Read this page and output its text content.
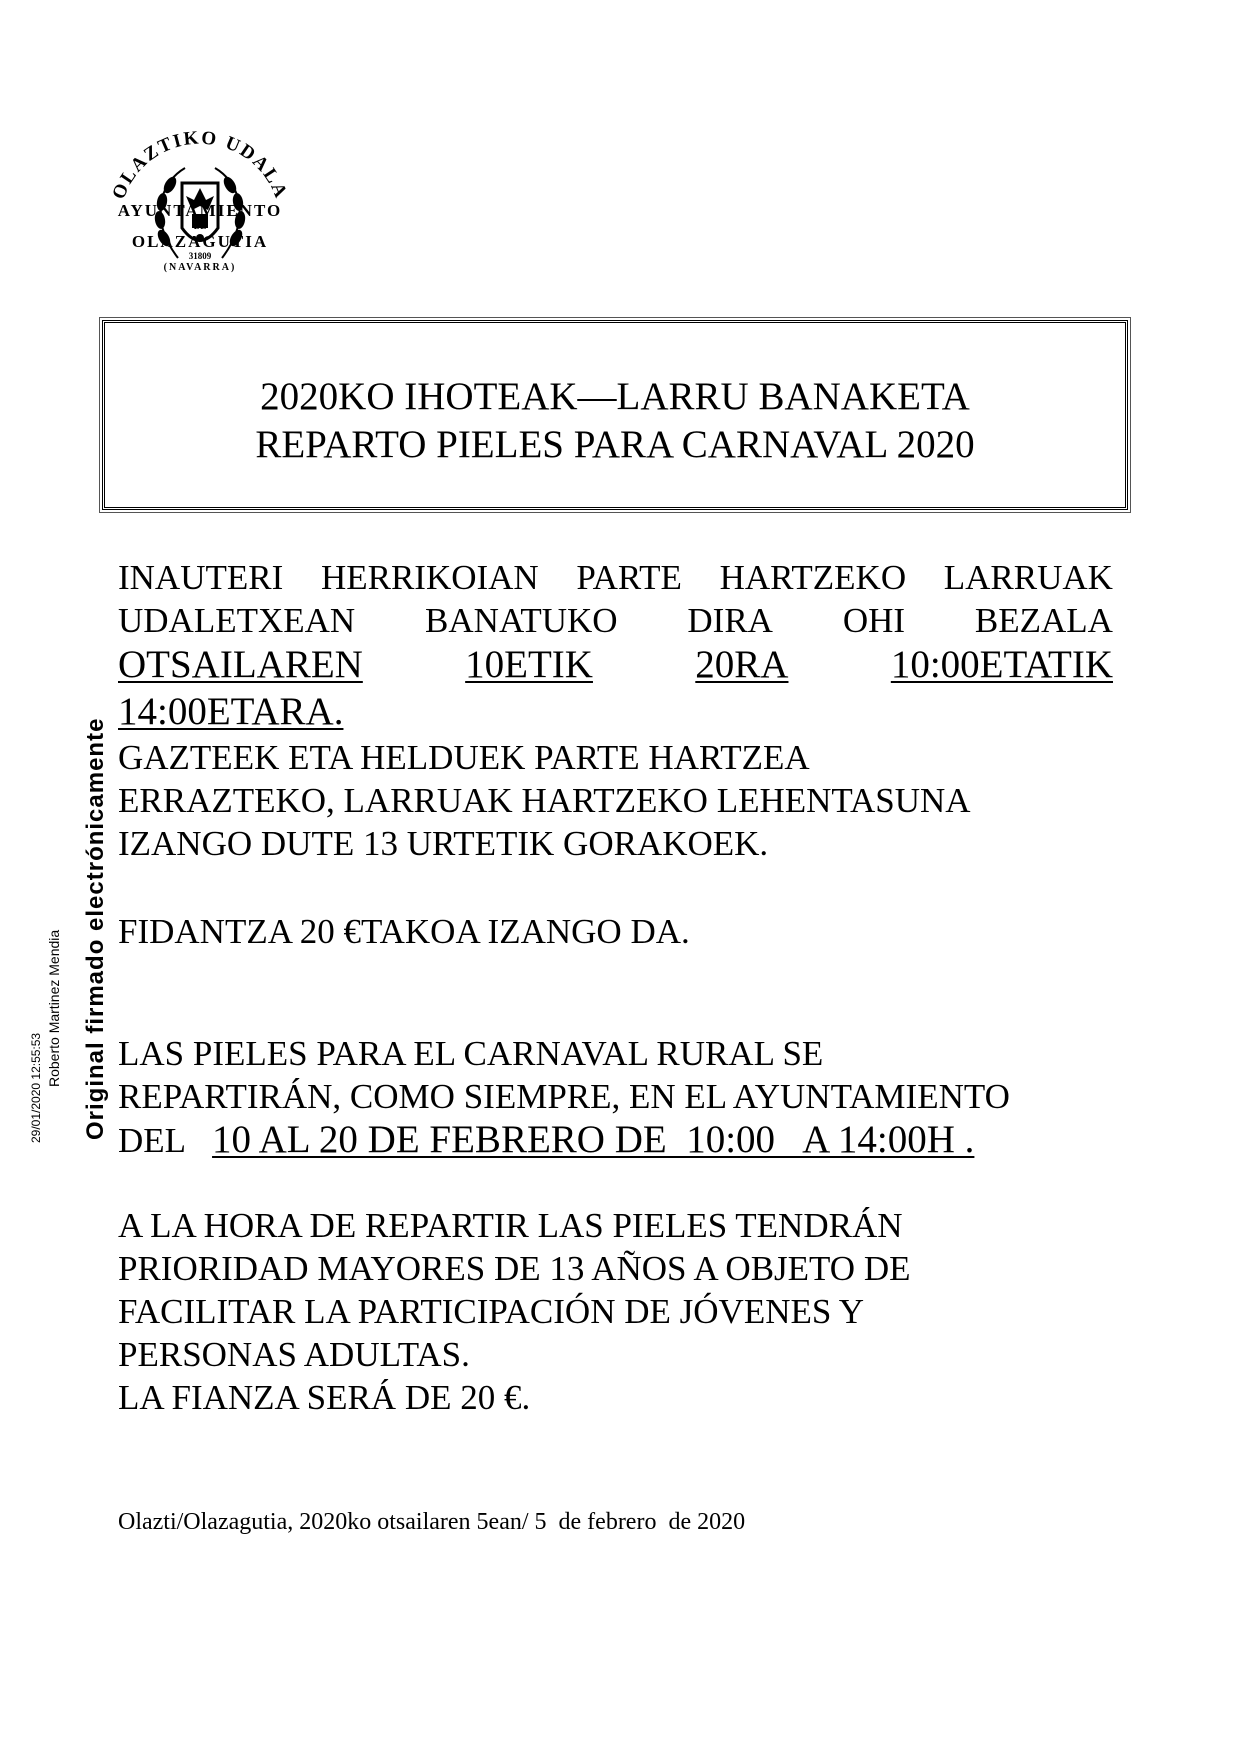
OLAZTIKO UDALA
AYUNTAMIENTO
DE
OLAZAGUTIA
31809
(NAVARRA)
2020KO IHOTEAK—LARRU BANAKETA
REPARTO PIELES PARA CARNAVAL 2020
INAUTERI HERRIKOIAN PARTE HARTZEKO LARRUAK
UDALETXEAN BANATUKO DIRA OHI BEZALA
OTSAILAREN	10ETIK	20RA	10:00ETATIK
14:00ETARA.
GAZTEEK ETA HELDUEK PARTE HARTZEA
ERRAZTEKO, LARRUAK HARTZEKO LEHENTASUNA
IZANGO DUTE 13 URTETIK GORAKOEK.
FIDANTZA 20 €TAKOA IZANGO DA.
LAS PIELES PARA EL CARNAVAL RURAL SE
REPARTIRÁN, COMO SIEMPRE, EN EL AYUNTAMIENTO
DEL 10 AL 20 DE FEBRERO DE  10:00   A 14:00H .
A LA HORA DE REPARTIR LAS PIELES TENDRÁN
PRIORIDAD MAYORES DE 13 AÑOS A OBJETO DE
FACILITAR LA PARTICIPACIÓN DE JÓVENES Y
PERSONAS ADULTAS.
LA FIANZA SERÁ DE 20 €.
Olazti/Olazagutia, 2020ko otsailaren 5ean/ 5  de febrero  de 2020
Original firmado electrónicamente
Roberto Martinez Mendia
29/01/2020 12:55:53
